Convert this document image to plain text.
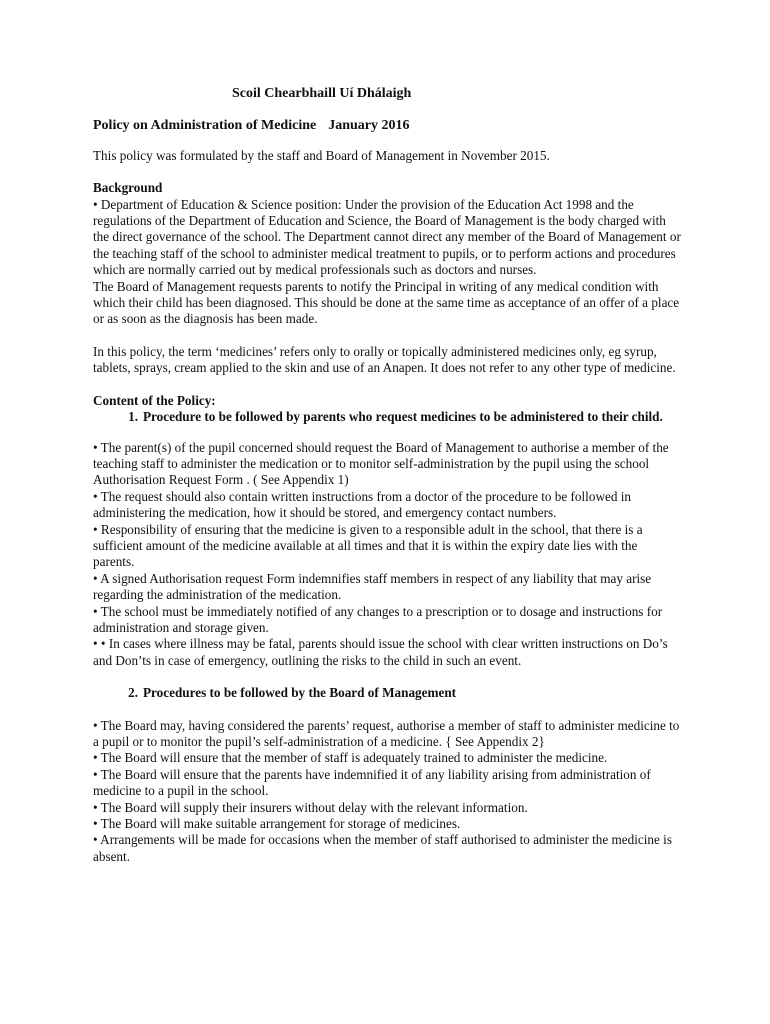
Scoil Chearbhaill Uí Dhálaigh

Policy on Administration of Medicine January 2016

This policy was formulated by the staff and Board of Management in November 2015.

Background

• Department of Education & Science position: Under the provision of the Education Act 1998 and the regulations of the Department of Education and Science, the Board of Management is the body charged with the direct governance of the school. The Department cannot direct any member of the Board of Management or the teaching staff of the school to administer medical treatment to pupils, or to perform actions and procedures which are normally carried out by medical professionals such as doctors and nurses.

The Board of Management requests parents to notify the Principal in writing of any medical condition with which their child has been diagnosed. This should be done at the same time as acceptance of an offer of a place or as soon as the diagnosis has been made.

In this policy, the term ‘medicines’ refers only to orally or topically administered medicines only, eg syrup, tablets, sprays, cream applied to the skin and use of an Anapen. It does not refer to any other type of medicine.

Content of the Policy:

1. Procedure to be followed by parents who request medicines to be administered to their child.

• The parent(s) of the pupil concerned should request the Board of Management to authorise a member of the teaching staff to administer the medication or to monitor self-administration by the pupil using the school Authorisation Request Form . ( See Appendix 1)

• The request should also contain written instructions from a doctor of the procedure to be followed in administering the medication, how it should be stored, and emergency contact numbers.

• Responsibility of ensuring that the medicine is given to a responsible adult in the school, that there is a sufficient amount of the medicine available at all times and that it is within the expiry date lies with the parents.

• A signed Authorisation request Form indemnifies staff members in respect of any liability that may arise regarding the administration of the medication.

• The school must be immediately notified of any changes to a prescription or to dosage and instructions for administration and storage given.

• • In cases where illness may be fatal, parents should issue the school with clear written instructions on Do’s and Don’ts in case of emergency, outlining the risks to the child in such an event.

2. Procedures to be followed by the Board of Management

• The Board may, having considered the parents’ request, authorise a member of staff to administer medicine to a pupil or to monitor the pupil’s self-administration of a medicine. { See Appendix 2}

• The Board will ensure that the member of staff is adequately trained to administer the medicine.

• The Board will ensure that the parents have indemnified it of any liability arising from administration of medicine to a pupil in the school.

• The Board will supply their insurers without delay with the relevant information.

• The Board will make suitable arrangement for storage of medicines.

• Arrangements will be made for occasions when the member of staff authorised to administer the medicine is absent.
